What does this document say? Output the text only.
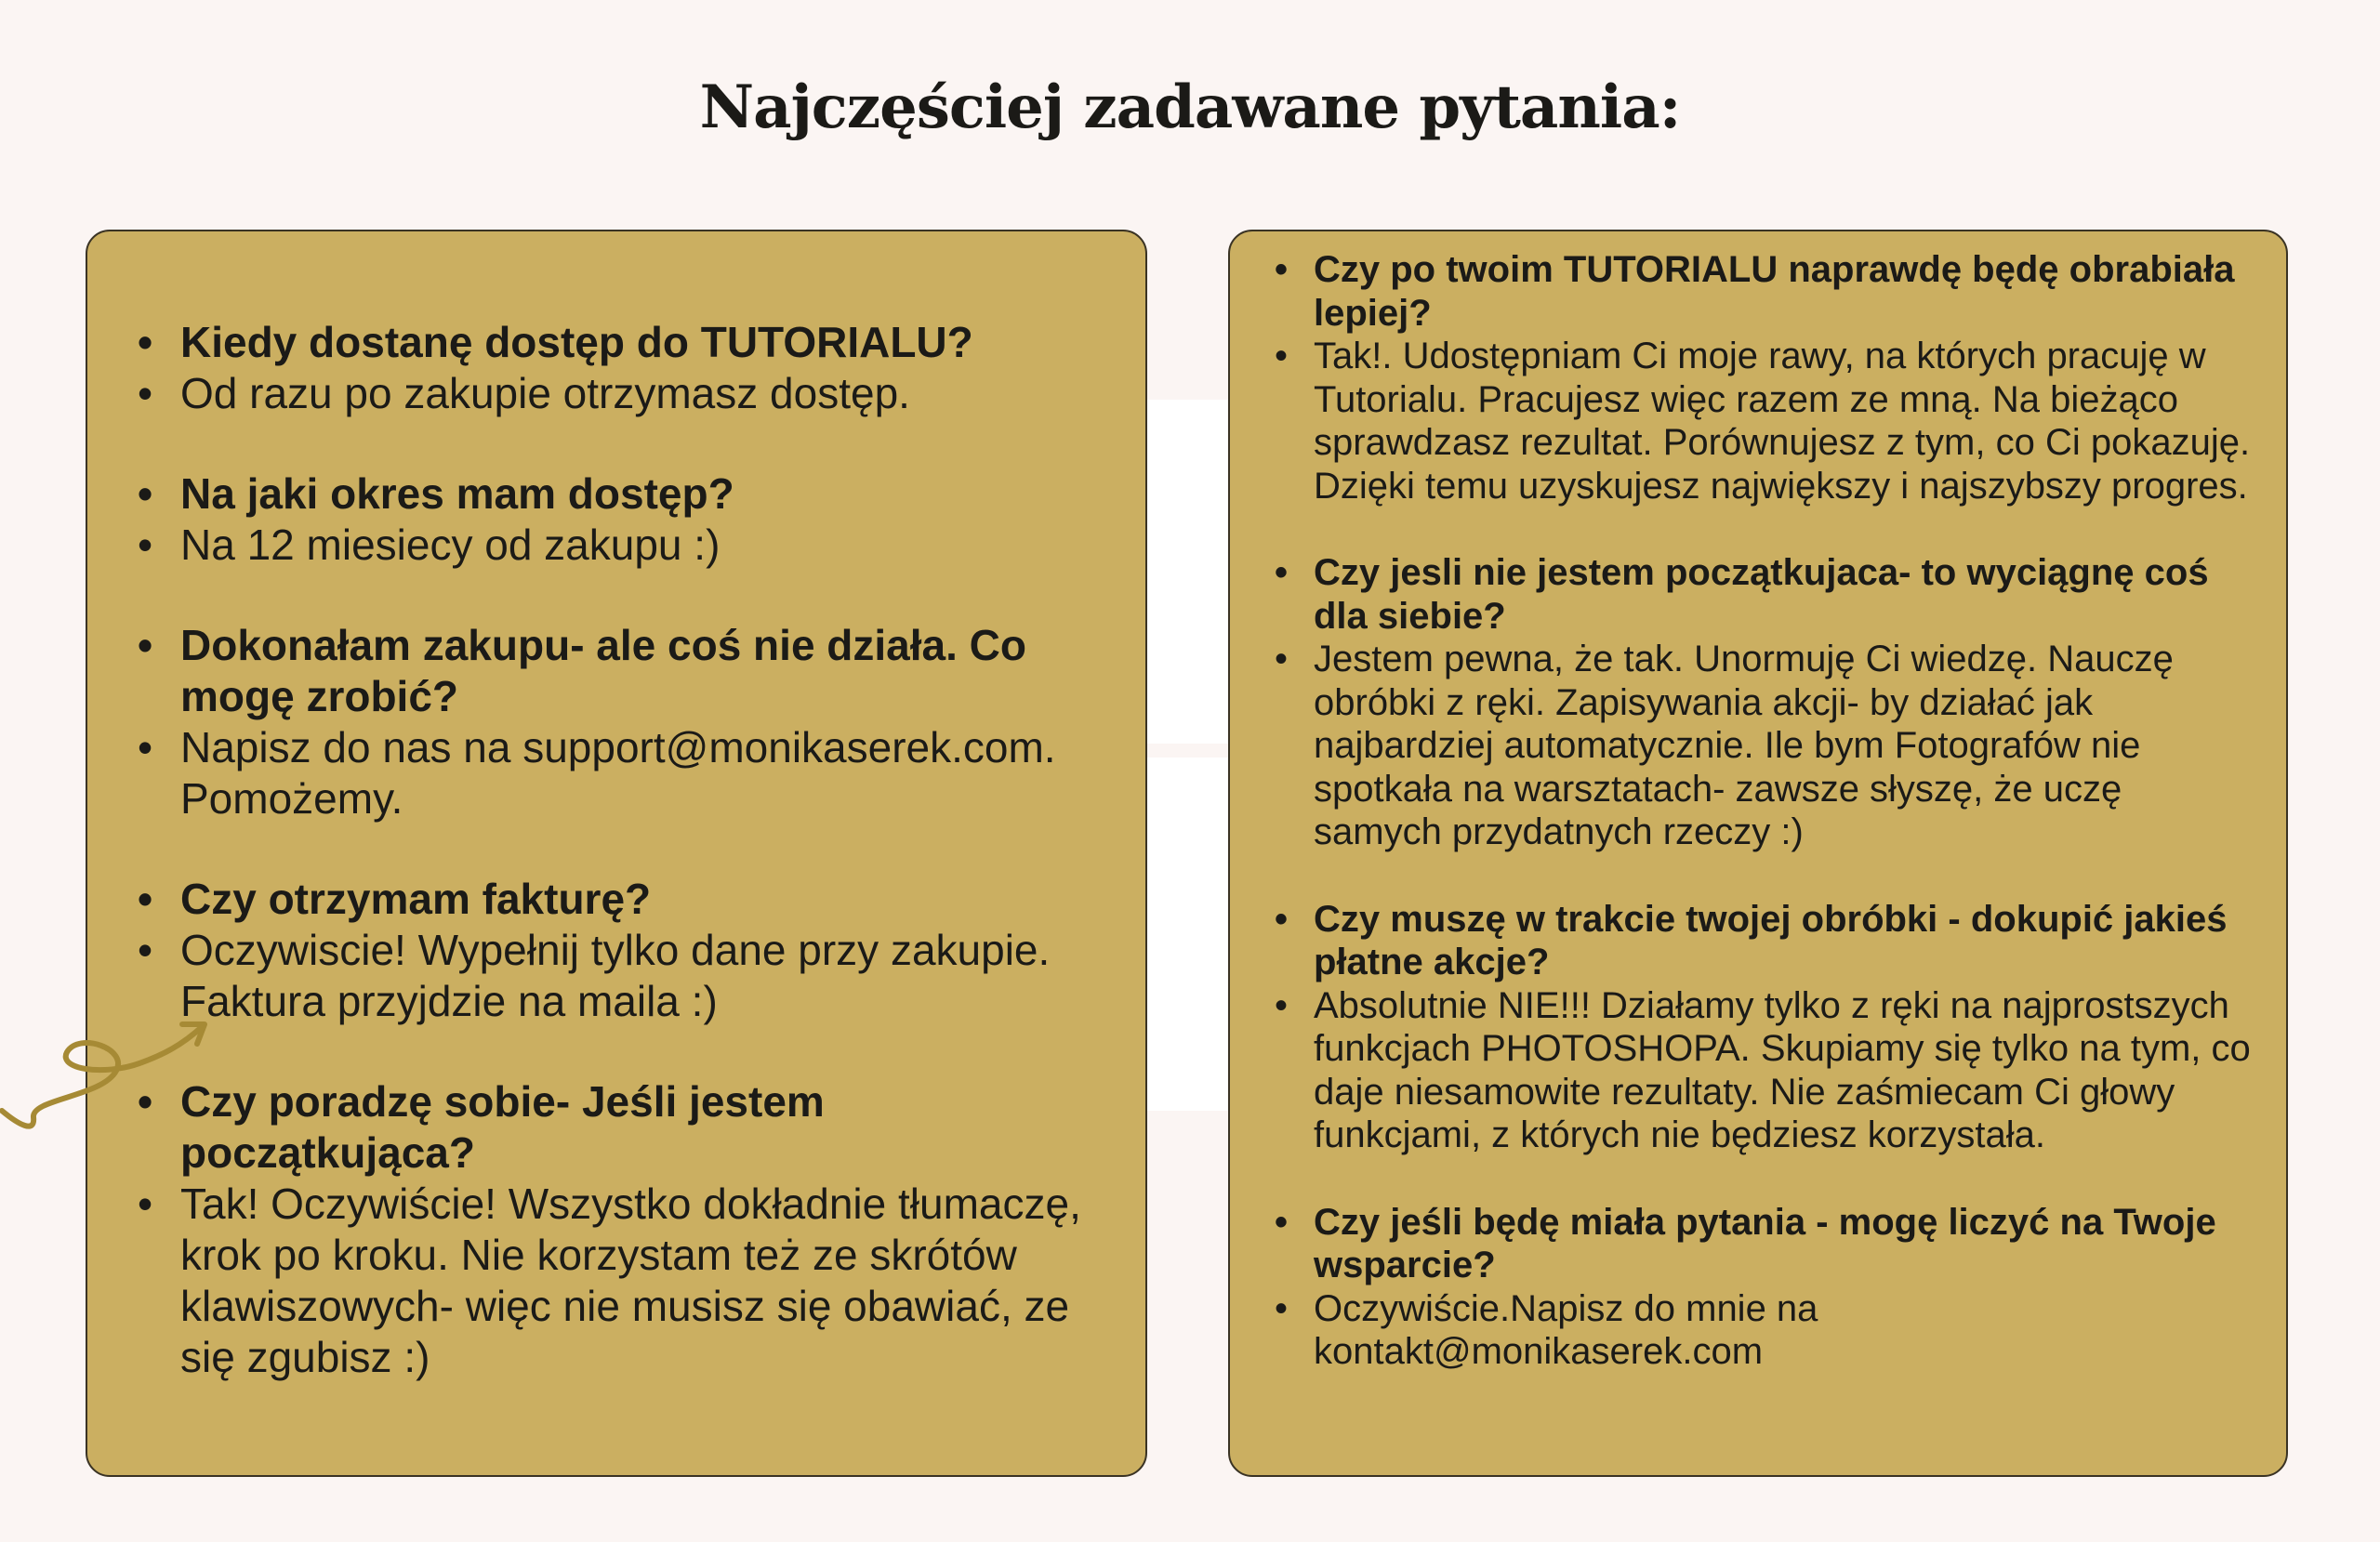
Najczęściej zadawane pytania:
• Kiedy dostanę dostęp do TUTORIALU?
• Od razu po zakupie otrzymasz dostęp.
• Na jaki okres mam dostęp?
• Na 12 miesiecy od zakupu :)
• Dokonałam zakupu- ale coś nie działa. Co mogę zrobić?
• Napisz do nas na support@monikaserek.com. Pomożemy.
• Czy otrzymam fakturę?
• Oczywiscie! Wypełnij tylko dane przy zakupie. Faktura przyjdzie na maila :)
• Czy poradzę sobie- Jeśli jestem początkująca?
• Tak! Oczywiście! Wszystko dokładnie tłumaczę, krok po kroku. Nie korzystam też ze skrótów klawiszowych- więc nie musisz się obawiać, ze się zgubisz :)
• Czy po twoim TUTORIALU naprawdę będę obrabiała lepiej?
• Tak!. Udostępniam Ci moje rawy, na których pracuję w Tutorialu. Pracujesz więc razem ze mną. Na bieżąco sprawdzasz rezultat. Porównujesz z tym, co Ci pokazuję. Dzięki temu uzyskujesz największy i najszybszy progres.
• Czy jesli nie jestem początkujaca- to wyciągnę coś dla siebie?
• Jestem pewna, że tak. Unormuję Ci wiedzę. Nauczę obróbki z ręki. Zapisywania akcji- by działać jak najbardziej automatycznie. Ile bym Fotografów nie spotkała na warsztatach- zawsze słyszę, że uczę samych przydatnych rzeczy :)
• Czy muszę w trakcie twojej obróbki - dokupić jakieś płatne akcje?
• Absolutnie NIE!!! Działamy tylko z ręki na najprostszych funkcjach PHOTOSHOPA. Skupiamy się tylko na tym, co daje niesamowite rezultaty. Nie zaśmiecam Ci głowy funkcjami, z których nie będziesz korzystała.
• Czy jeśli będę miała pytania - mogę liczyć na Twoje wsparcie?
• Oczywiście.Napisz do mnie na kontakt@monikaserek.com
